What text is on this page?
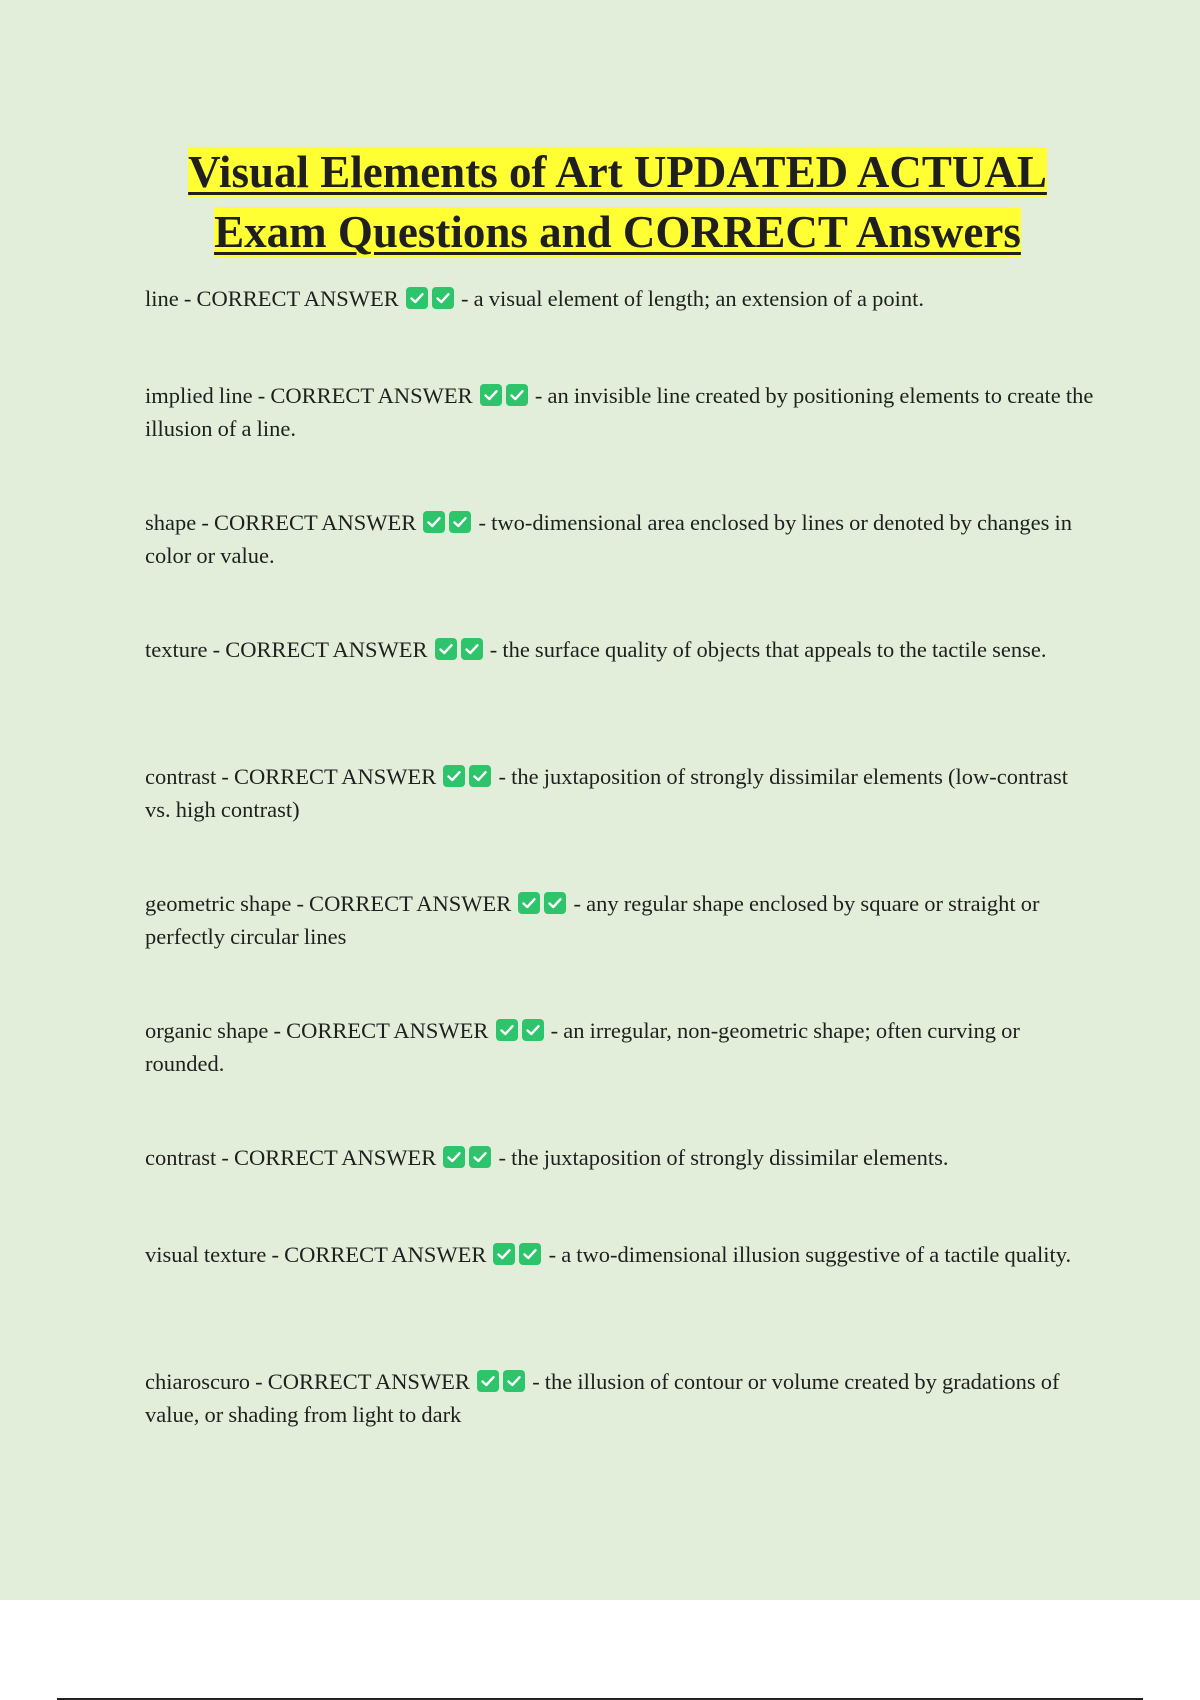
Visual Elements of Art UPDATED ACTUAL
Exam Questions and CORRECT Answers
line - CORRECT ANSWER
- a visual element of length; an extension of a point.
implied line - CORRECT ANSWER
- an invisible line created by positioning elements to create the illusion of a line.
shape - CORRECT ANSWER
- two-dimensional area enclosed by lines or denoted by changes in color or value.
texture - CORRECT ANSWER
- the surface quality of objects that appeals to the tactile sense.
contrast - CORRECT ANSWER
- the juxtaposition of strongly dissimilar elements (low-contrast vs. high contrast)
geometric shape - CORRECT ANSWER
- any regular shape enclosed by square or straight or perfectly circular lines
organic shape - CORRECT ANSWER
- an irregular, non-geometric shape; often curving or rounded.
contrast - CORRECT ANSWER
- the juxtaposition of strongly dissimilar elements.
visual texture - CORRECT ANSWER
- a two-dimensional illusion suggestive of a tactile quality.
chiaroscuro - CORRECT ANSWER
- the illusion of contour or volume created by gradations of value, or shading from light to dark
